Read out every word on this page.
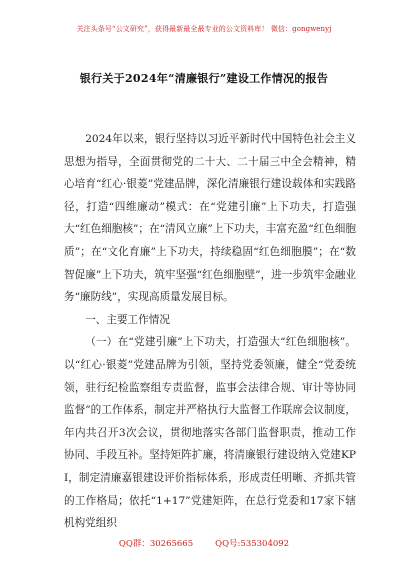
关注头条号“公文研究”，获得最新最全最专业的公文资料库！ 微信：gongwenyj
银行关于2024年“清廉银行”建设工作情况的报告

2024年以来，银行坚持以习近平新时代中国特色社会主义思想为指导，全面贯彻党的二十大、二十届三中全会精神，精心培育“红心·银菱”党建品牌，深化清廉银行建设载体和实践路径，打造“四维廉动”模式：在“党建引廉”上下功夫，打造强大“红色细胞核”；在“清风立廉”上下功夫，丰富充盈“红色细胞质”；在“文化育廉”上下功夫，持续稳固“红色细胞膜”；在“数智促廉”上下功夫，筑牢坚强“红色细胞壁”，进一步筑牢金融业务“廉防线”，实现高质量发展目标。

一、主要工作情况

（一）在“党建引廉”上下功夫，打造强大“红色细胞核”。以“红心·银菱”党建品牌为引领，坚持党委领廉，健全“党委统领，驻行纪检监察组专责监督，监事会法律合规、审计等协同监督”的工作体系，制定并严格执行大监督工作联席会议制度，年内共召开3次会议，贯彻地落实各部门监督职责，推动工作协同、手段互补。坚持矩阵扩廉，将清廉银行建设纳入党建KPI，制定清廉嘉银建设评价指标体系，形成责任明晰、齐抓共管的工作格局；依托“1+17”党建矩阵，在总行党委和17家下辖机构党组织

QQ群：30265665	QQ号:535304092
